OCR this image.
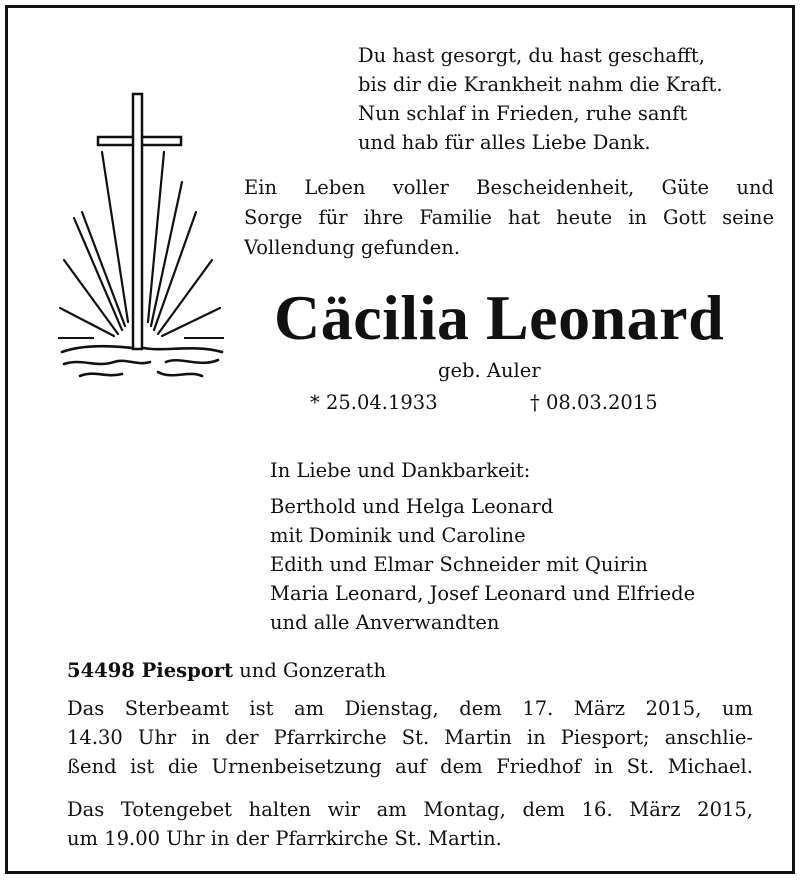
Du hast gesorgt, du hast geschafft,
bis dir die Krankheit nahm die Kraft.
Nun schlaf in Frieden, ruhe sanft
und hab für alles Liebe Dank.
Ein Leben voller Bescheidenheit, Güte und
Sorge für ihre Familie hat heute in Gott seine
Vollendung gefunden.
Cäcilia Leonard
geb. Auler
* 25.04.1933	† 08.03.2015
In Liebe und Dankbarkeit:
Berthold und Helga Leonard
mit Dominik und Caroline
Edith und Elmar Schneider mit Quirin
Maria Leonard, Josef Leonard und Elfriede
und alle Anverwandten
54498 Piesport und Gonzerath
Das Sterbeamt ist am Dienstag, dem 17. März 2015, um
14.30 Uhr in der Pfarrkirche St. Martin in Piesport; anschlie-
ßend ist die Urnenbeisetzung auf dem Friedhof in St. Michael.
Das Totengebet halten wir am Montag, dem 16. März 2015,
um 19.00 Uhr in der Pfarrkirche St. Martin.
